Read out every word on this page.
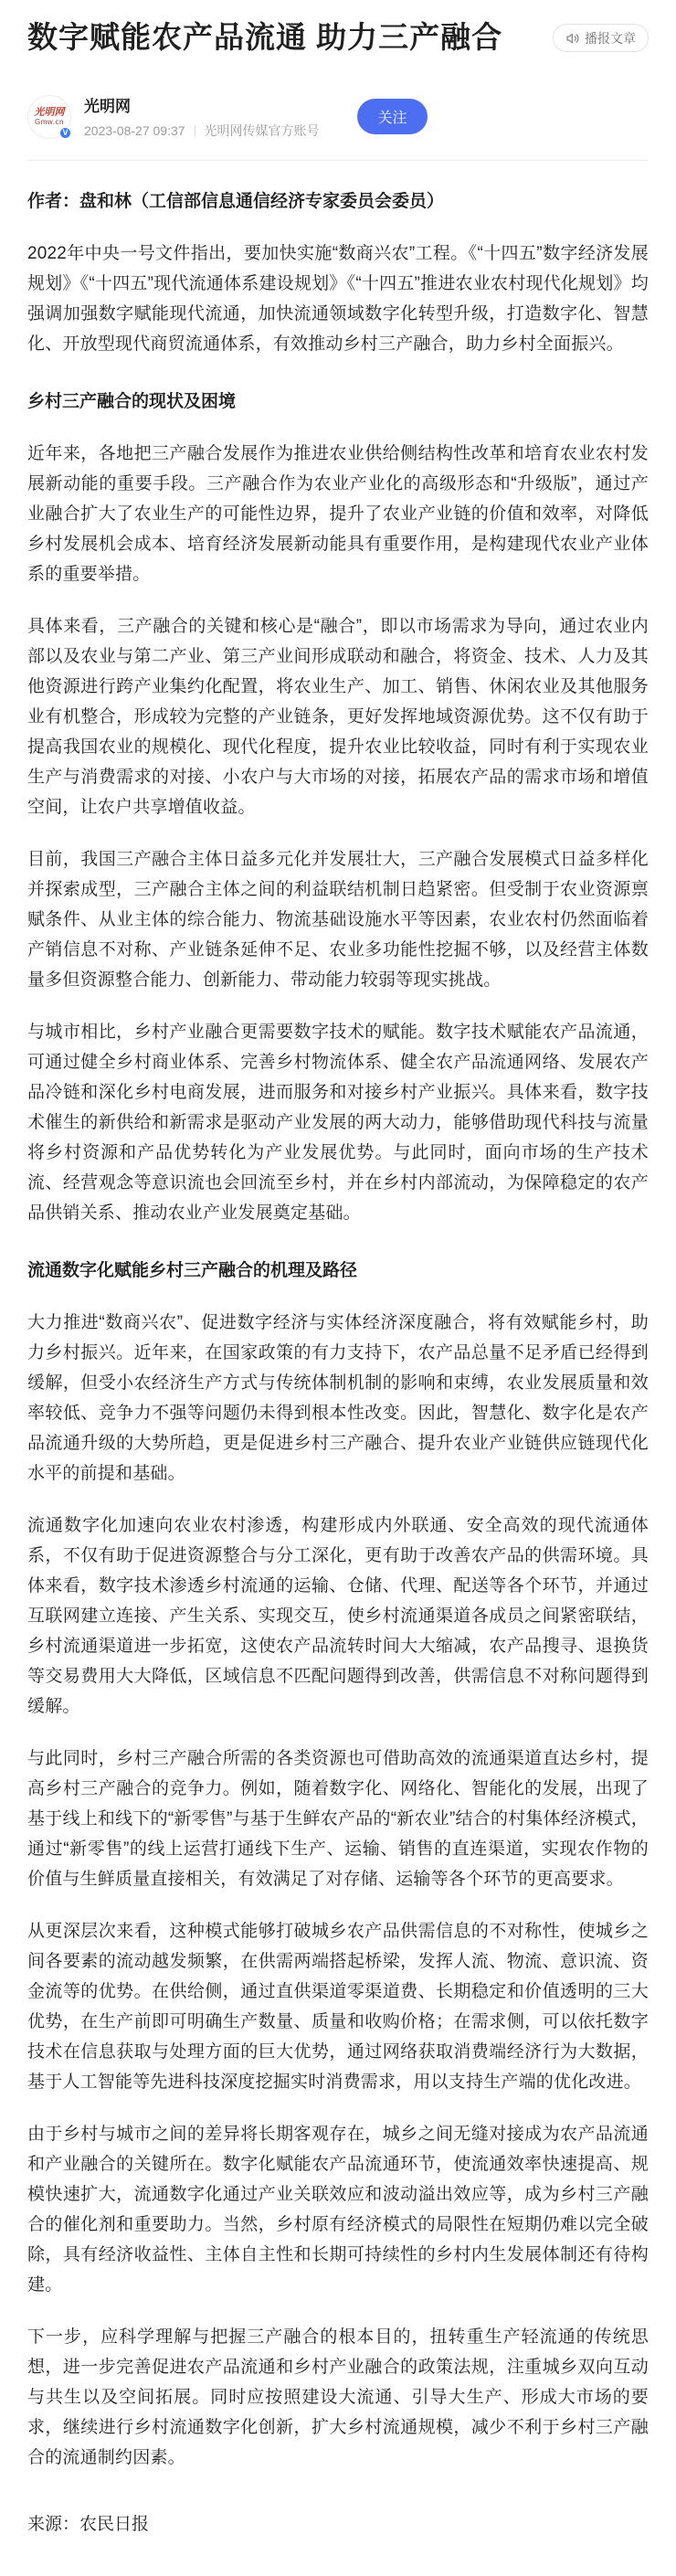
数字赋能农产品流通 助力三产融合	播报文章
光明网
Gmw.cn
V
光明网
2023-08-27 09:37 光明网传媒官方账号
关注

作者：盘和林（工信部信息通信经济专家委员会委员）

2022年中央一号文件指出，要加快实施“数商兴农”工程。《“十四五”数字经济发展规划》《“十四五”现代流通体系建设规划》《“十四五”推进农业农村现代化规划》均强调加强数字赋能现代流通，加快流通领域数字化转型升级，打造数字化、智慧化、开放型现代商贸流通体系，有效推动乡村三产融合，助力乡村全面振兴。

乡村三产融合的现状及困境

近年来，各地把三产融合发展作为推进农业供给侧结构性改革和培育农业农村发展新动能的重要手段。三产融合作为农业产业化的高级形态和“升级版”，通过产业融合扩大了农业生产的可能性边界，提升了农业产业链的价值和效率，对降低乡村发展机会成本、培育经济发展新动能具有重要作用，是构建现代农业产业体系的重要举措。

具体来看，三产融合的关键和核心是“融合”，即以市场需求为导向，通过农业内部以及农业与第二产业、第三产业间形成联动和融合，将资金、技术、人力及其他资源进行跨产业集约化配置，将农业生产、加工、销售、休闲农业及其他服务业有机整合，形成较为完整的产业链条，更好发挥地域资源优势。这不仅有助于提高我国农业的规模化、现代化程度，提升农业比较收益，同时有利于实现农业生产与消费需求的对接、小农户与大市场的对接，拓展农产品的需求市场和增值空间，让农户共享增值收益。

目前，我国三产融合主体日益多元化并发展壮大，三产融合发展模式日益多样化并探索成型，三产融合主体之间的利益联结机制日趋紧密。但受制于农业资源禀赋条件、从业主体的综合能力、物流基础设施水平等因素，农业农村仍然面临着产销信息不对称、产业链条延伸不足、农业多功能性挖掘不够，以及经营主体数量多但资源整合能力、创新能力、带动能力较弱等现实挑战。

与城市相比，乡村产业融合更需要数字技术的赋能。数字技术赋能农产品流通，可通过健全乡村商业体系、完善乡村物流体系、健全农产品流通网络、发展农产品冷链和深化乡村电商发展，进而服务和对接乡村产业振兴。具体来看，数字技术催生的新供给和新需求是驱动产业发展的两大动力，能够借助现代科技与流量将乡村资源和产品优势转化为产业发展优势。与此同时，面向市场的生产技术流、经营观念等意识流也会回流至乡村，并在乡村内部流动，为保障稳定的农产品供销关系、推动农业产业发展奠定基础。

流通数字化赋能乡村三产融合的机理及路径

大力推进“数商兴农”、促进数字经济与实体经济深度融合，将有效赋能乡村，助力乡村振兴。近年来，在国家政策的有力支持下，农产品总量不足矛盾已经得到缓解，但受小农经济生产方式与传统体制机制的影响和束缚，农业发展质量和效率较低、竞争力不强等问题仍未得到根本性改变。因此，智慧化、数字化是农产品流通升级的大势所趋，更是促进乡村三产融合、提升农业产业链供应链现代化水平的前提和基础。

流通数字化加速向农业农村渗透，构建形成内外联通、安全高效的现代流通体系，不仅有助于促进资源整合与分工深化，更有助于改善农产品的供需环境。具体来看，数字技术渗透乡村流通的运输、仓储、代理、配送等各个环节，并通过互联网建立连接、产生关系、实现交互，使乡村流通渠道各成员之间紧密联结，乡村流通渠道进一步拓宽，这使农产品流转时间大大缩减，农产品搜寻、退换货等交易费用大大降低，区域信息不匹配问题得到改善，供需信息不对称问题得到缓解。

与此同时，乡村三产融合所需的各类资源也可借助高效的流通渠道直达乡村，提高乡村三产融合的竞争力。例如，随着数字化、网络化、智能化的发展，出现了基于线上和线下的“新零售”与基于生鲜农产品的“新农业”结合的村集体经济模式，通过“新零售”的线上运营打通线下生产、运输、销售的直连渠道，实现农作物的价值与生鲜质量直接相关，有效满足了对存储、运输等各个环节的更高要求。

从更深层次来看，这种模式能够打破城乡农产品供需信息的不对称性，使城乡之间各要素的流动越发频繁，在供需两端搭起桥梁，发挥人流、物流、意识流、资金流等的优势。在供给侧，通过直供渠道零渠道费、长期稳定和价值透明的三大优势，在生产前即可明确生产数量、质量和收购价格；在需求侧，可以依托数字技术在信息获取与处理方面的巨大优势，通过网络获取消费端经济行为大数据，基于人工智能等先进科技深度挖掘实时消费需求，用以支持生产端的优化改进。

由于乡村与城市之间的差异将长期客观存在，城乡之间无缝对接成为农产品流通和产业融合的关键所在。数字化赋能农产品流通环节，使流通效率快速提高、规模快速扩大，流通数字化通过产业关联效应和波动溢出效应等，成为乡村三产融合的催化剂和重要助力。当然，乡村原有经济模式的局限性在短期仍难以完全破除，具有经济收益性、主体自主性和长期可持续性的乡村内生发展体制还有待构建。

下一步，应科学理解与把握三产融合的根本目的，扭转重生产轻流通的传统思想，进一步完善促进农产品流通和乡村产业融合的政策法规，注重城乡双向互动与共生以及空间拓展。同时应按照建设大流通、引导大生产、形成大市场的要求，继续进行乡村流通数字化创新，扩大乡村流通规模，减少不利于乡村三产融合的流通制约因素。

来源：农民日报
